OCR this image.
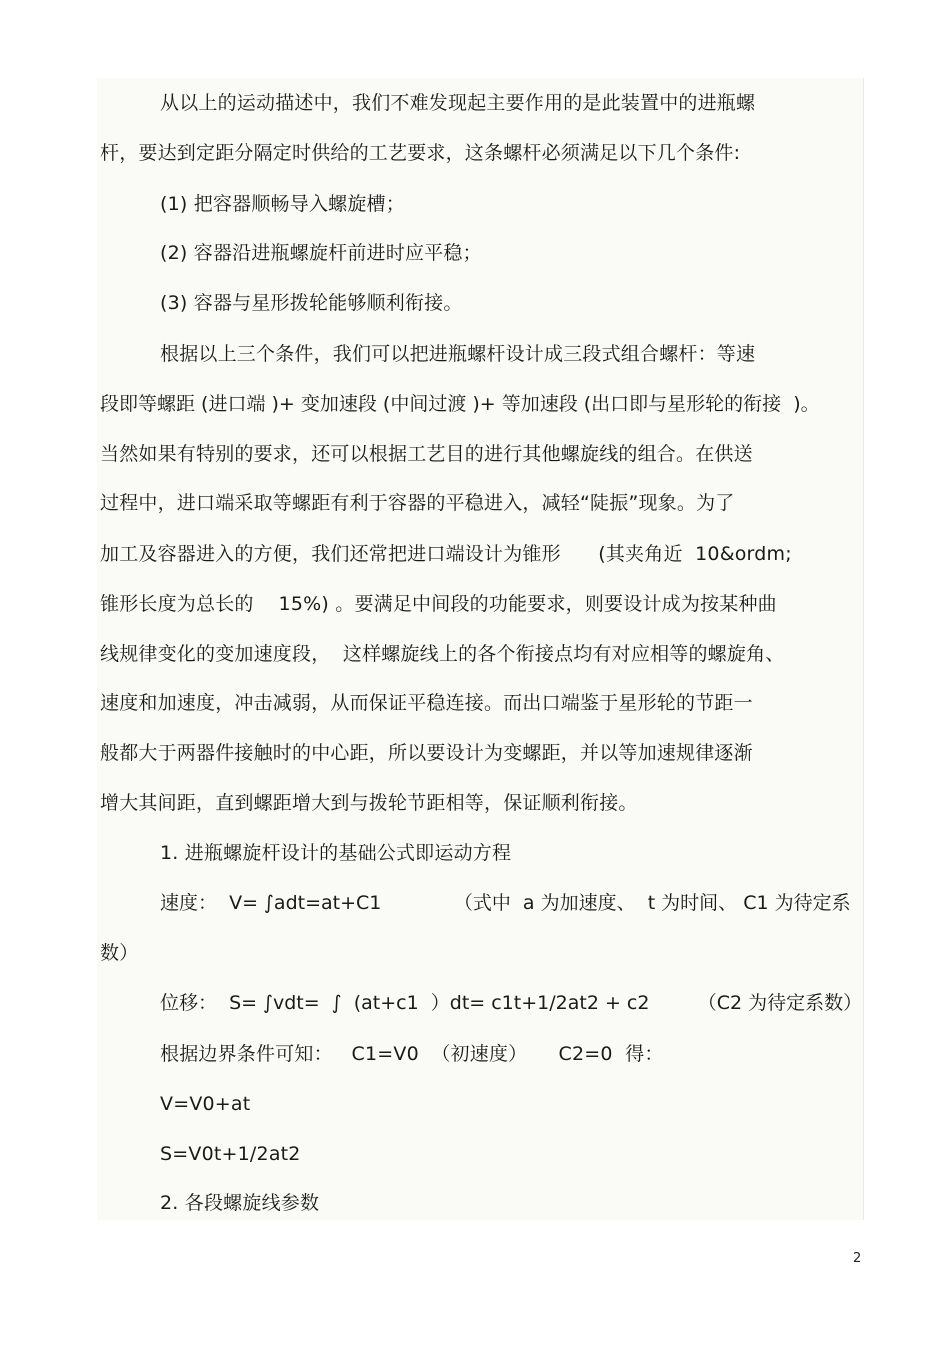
从以上的运动描述中，我们不难发现起主要作用的是此装置中的进瓶螺
杆，要达到定距分隔定时供给的工艺要求，这条螺杆必须满足以下几个条件:
(1) 把容器顺畅导入螺旋槽；
(2) 容器沿进瓶螺旋杆前进时应平稳；
(3) 容器与星形拨轮能够顺利衔接。
根据以上三个条件，我们可以把进瓶螺杆设计成三段式组合螺杆：等速
段即等螺距 (进口端 )+ 变加速段 (中间过渡 )+ 等加速段 (出口即与星形轮的衔接  )。
当然如果有特别的要求，还可以根据工艺目的进行其他螺旋线的组合。在供送
过程中，进口端采取等螺距有利于容器的平稳进入，减轻“陡振”现象。为了
加工及容器进入的方便，我们还常把进口端设计为锥形      (其夹角近  10&ordm;
锥形长度为总长的    15%) 。要满足中间段的功能要求，则要设计成为按某种曲
线规律变化的变加速度段，  这样螺旋线上的各个衔接点均有对应相等的螺旋角、
速度和加速度，冲击减弱，从而保证平稳连接。而出口端鉴于星形轮的节距一
般都大于两器件接触时的中心距，所以要设计为变螺距，并以等加速规律逐渐
增大其间距，直到螺距增大到与拨轮节距相等，保证顺利衔接。
1. 进瓶螺旋杆设计的基础公式即运动方程
速度：  V= ∫adt=at+C1            （式中  a 为加速度、  t 为时间、 C1 为待定系
数）
位移：  S= ∫vdt=  ∫  (at+c1  ）dt= c1t+1/2at2 + c2        （C2 为待定系数）
根据边界条件可知：   C1=V0  （初速度）     C2=0  得：
V=V0+at
S=V0t+1/2at2
2. 各段螺旋线参数
2
